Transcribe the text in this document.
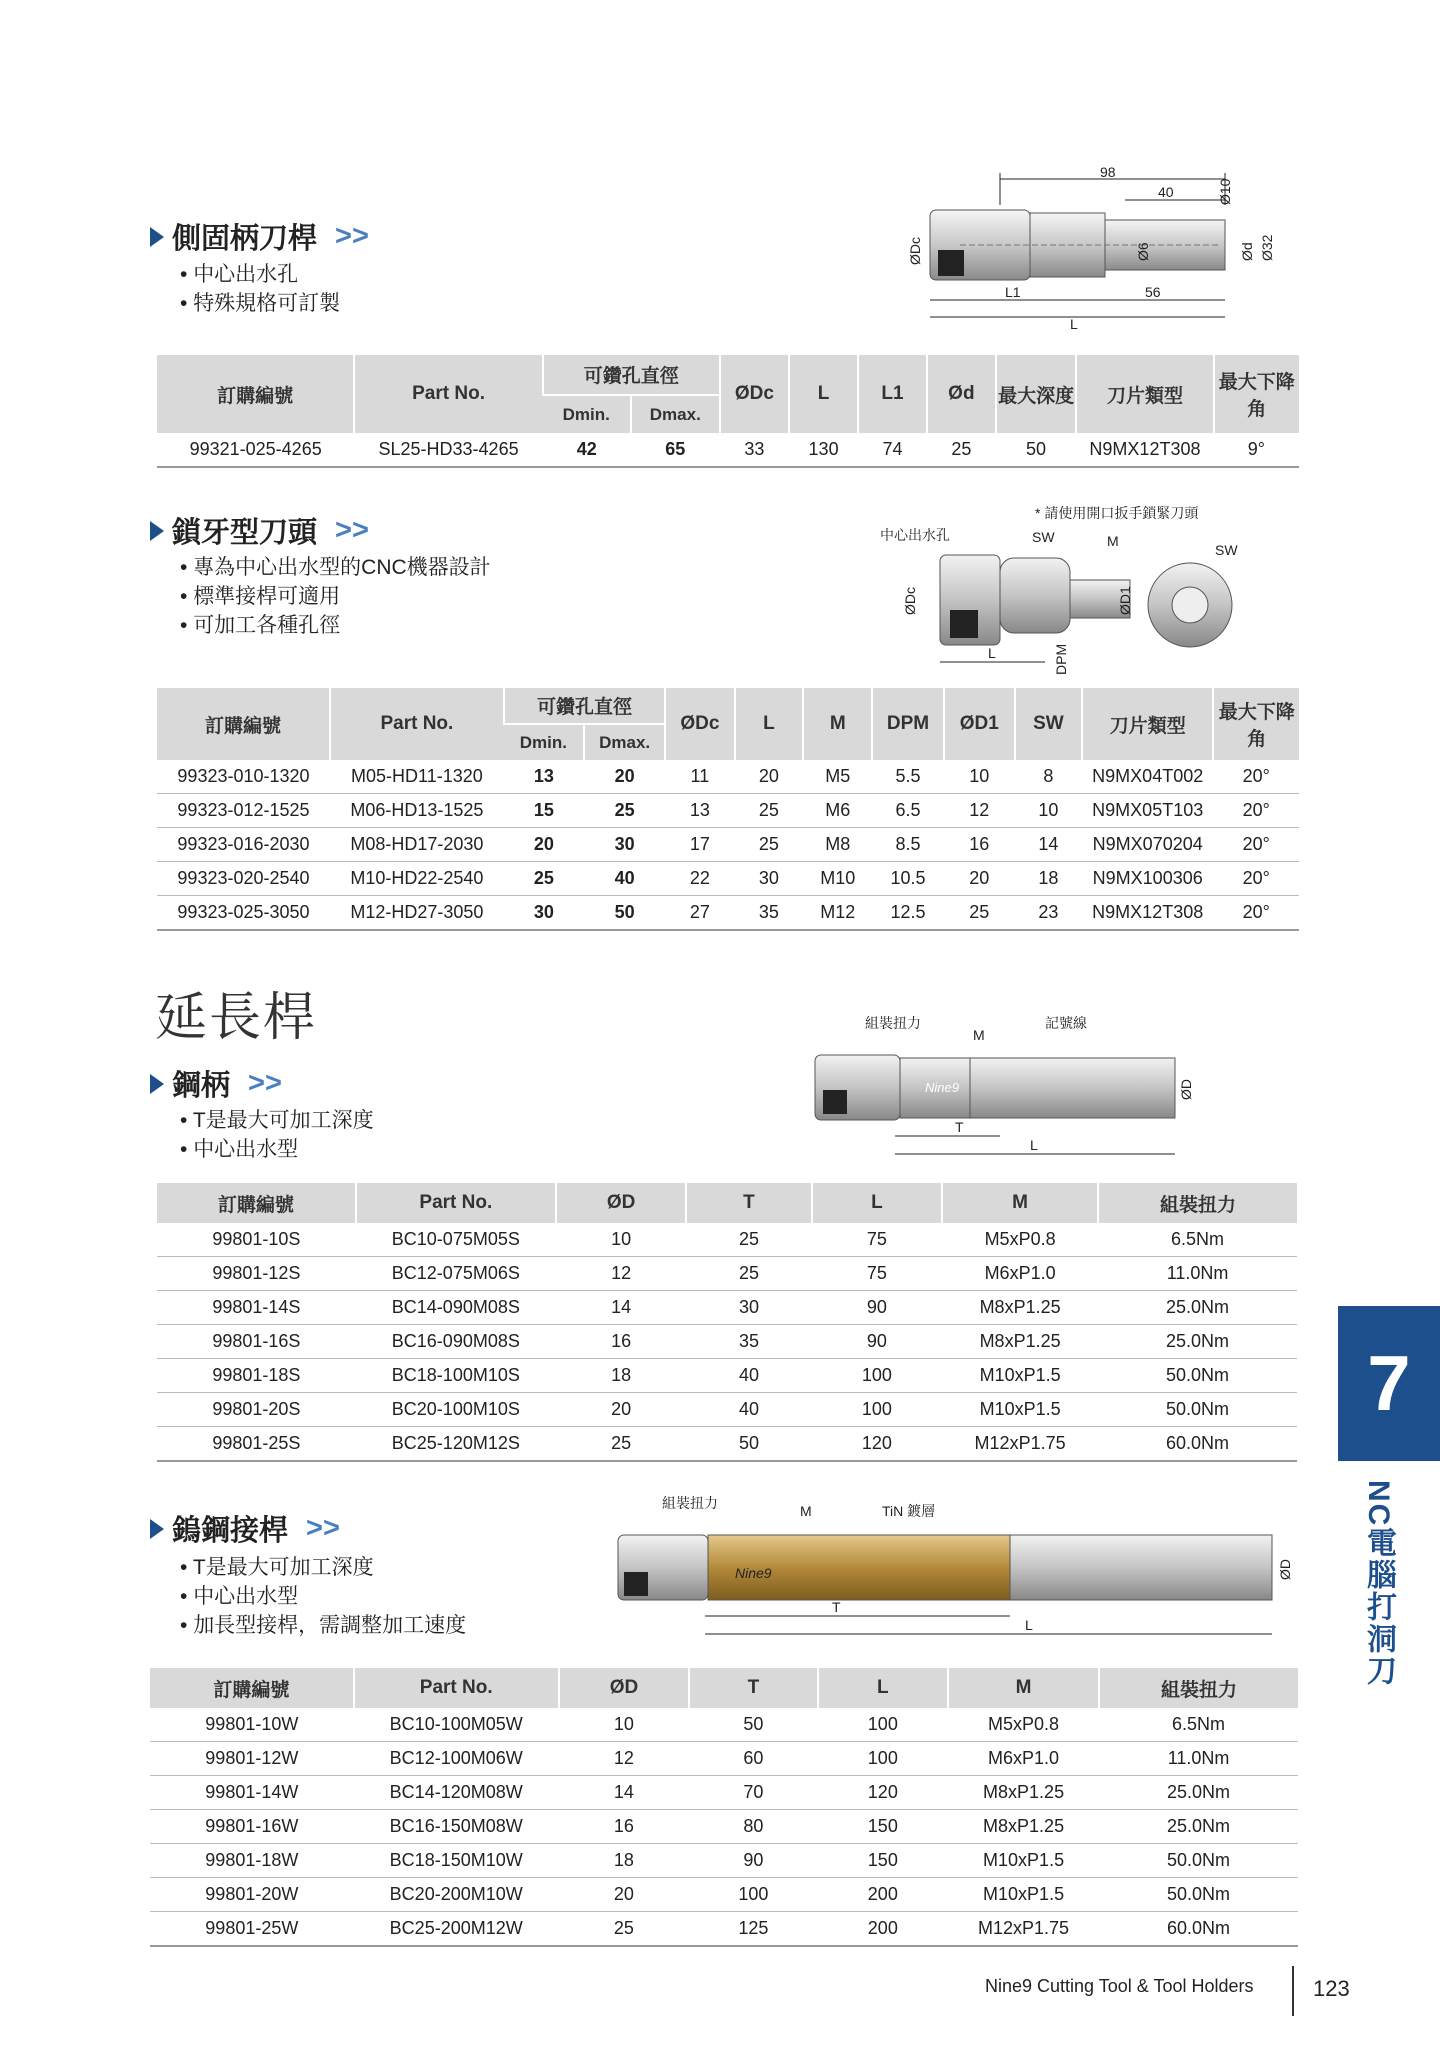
側固柄刀桿 >>
• 中心出水孔
• 特殊規格可訂製
98
40
ØDc	Ø6
Ø10
Ød Ø32
L1	56
L
訂購編號	Part No.	可鑽孔直徑		ØDc	L	L1	Ød	最大深度	刀片類型	最大下降角
		Dmin.	Dmax.							
99321-025-4265	SL25-HD33-4265	42	65	33	130	74	25	50	N9MX12T308	9°
鎖牙型刀頭 >>
• 專為中心出水型的CNC機器設計
• 標準接桿可適用
• 可加工各種孔徑
* 請使用開口扳手鎖緊刀頭
中心出水孔	SW	M
ØDc	ØD1
L	DPM
SW
訂購編號	Part No.	可鑽孔直徑		ØDc	L	M	DPM	ØD1	SW	刀片類型	最大下降角
		Dmin.	Dmax.								
99323-010-1320	M05-HD11-1320	13	20	11	20	M5	5.5	10	8	N9MX04T002	20°
99323-012-1525	M06-HD13-1525	15	25	13	25	M6	6.5	12	10	N9MX05T103	20°
99323-016-2030	M08-HD17-2030	20	30	17	25	M8	8.5	16	14	N9MX070204	20°
99323-020-2540	M10-HD22-2540	25	40	22	30	M10	10.5	20	18	N9MX100306	20°
99323-025-3050	M12-HD27-3050	30	50	27	35	M12	12.5	25	23	N9MX12T308	20°
延長桿
鋼柄 >>
• T是最大可加工深度
• 中心出水型
組裝扭力
M
記號線
Nine9	ØD
T
L
訂購編號	Part No.	ØD	T	L	M	組裝扭力
99801-10S	BC10-075M05S	10	25	75	M5xP0.8	6.5Nm
99801-12S	BC12-075M06S	12	25	75	M6xP1.0	11.0Nm
99801-14S	BC14-090M08S	14	30	90	M8xP1.25	25.0Nm
99801-16S	BC16-090M08S	16	35	90	M8xP1.25	25.0Nm
99801-18S	BC18-100M10S	18	40	100	M10xP1.5	50.0Nm
99801-20S	BC20-100M10S	20	40	100	M10xP1.5	50.0Nm
99801-25S	BC25-120M12S	25	50	120	M12xP1.75	60.0Nm
鎢鋼接桿 >>
• T是最大可加工深度
• 中心出水型
• 加長型接桿，需調整加工速度
組裝扭力	M	TiN 鍍層
Nine9	ØD
T
L
訂購編號	Part No.	ØD	T	L	M	組裝扭力
99801-10W	BC10-100M05W	10	50	100	M5xP0.8	6.5Nm
99801-12W	BC12-100M06W	12	60	100	M6xP1.0	11.0Nm
99801-14W	BC14-120M08W	14	70	120	M8xP1.25	25.0Nm
99801-16W	BC16-150M08W	16	80	150	M8xP1.25	25.0Nm
99801-18W	BC18-150M10W	18	90	150	M10xP1.5	50.0Nm
99801-20W	BC20-200M10W	20	100	200	M10xP1.5	50.0Nm
99801-25W	BC25-200M12W	25	125	200	M12xP1.75	60.0Nm
7
NC電腦打洞刀
Nine9 Cutting Tool & Tool Holders	123
